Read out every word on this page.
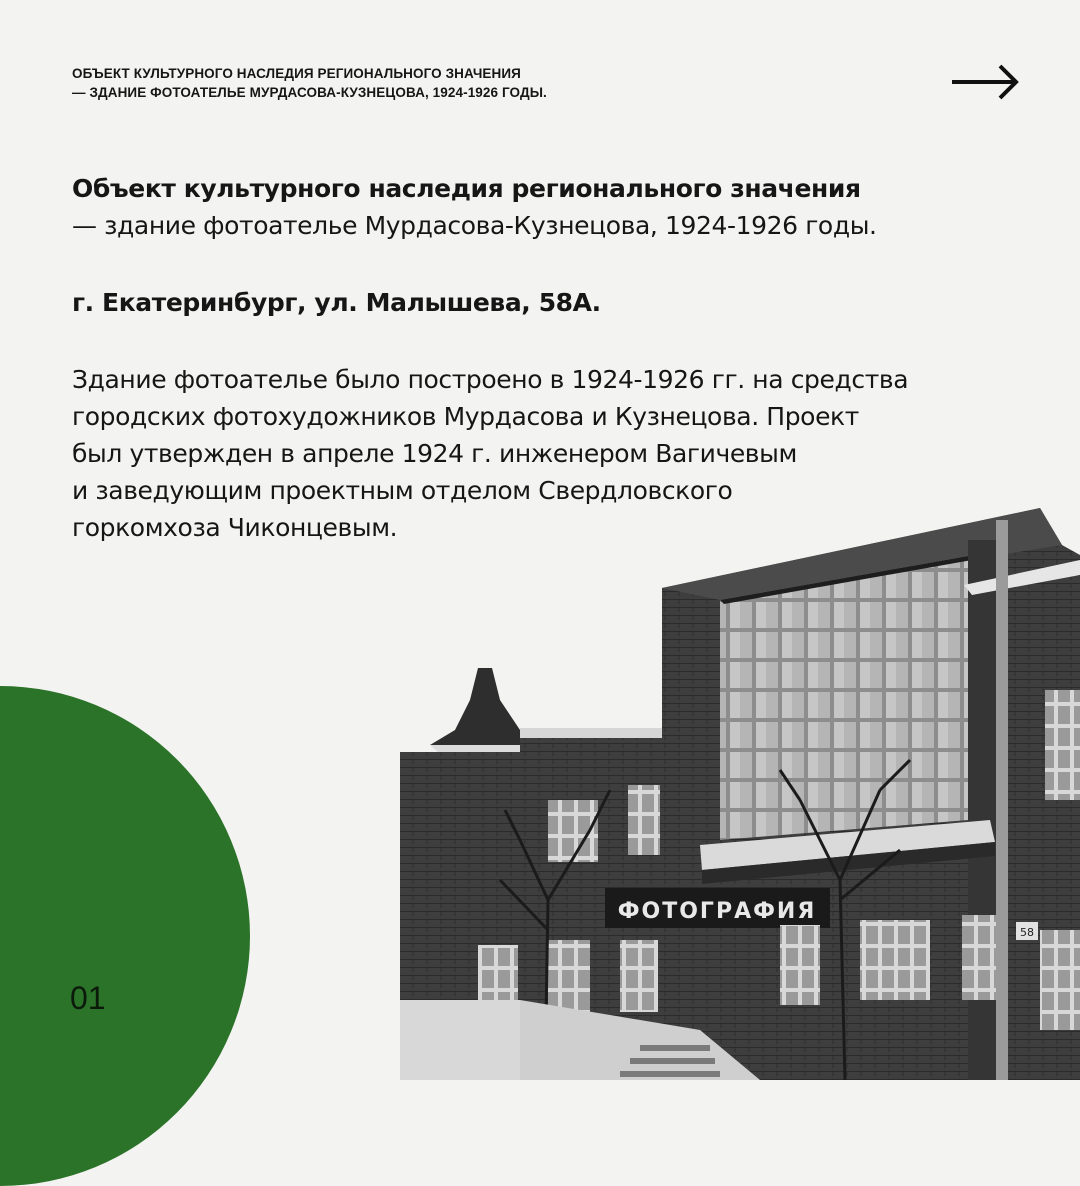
ФОТОГРАФИЯ
58
ОБЪЕКТ КУЛЬТУРНОГО НАСЛЕДИЯ РЕГИОНАЛЬНОГО ЗНАЧЕНИЯ
— ЗДАНИЕ ФОТОАТЕЛЬЕ МУРДАСОВА-КУЗНЕЦОВА, 1924-1926 ГОДЫ.
Объект культурного наследия регионального значения
— здание фотоателье Мурдасова-Кузнецова, 1924-1926 годы.
г. Екатеринбург, ул. Малышева, 58А.
Здание фотоателье было построено в 1924-1926 гг. на средства
городских фотохудожников Мурдасова и Кузнецова. Проект
был утвержден в апреле 1924 г. инженером Вагичевым
и заведующим проектным отделом Свердловского
горкомхоза Чиконцевым.
01
